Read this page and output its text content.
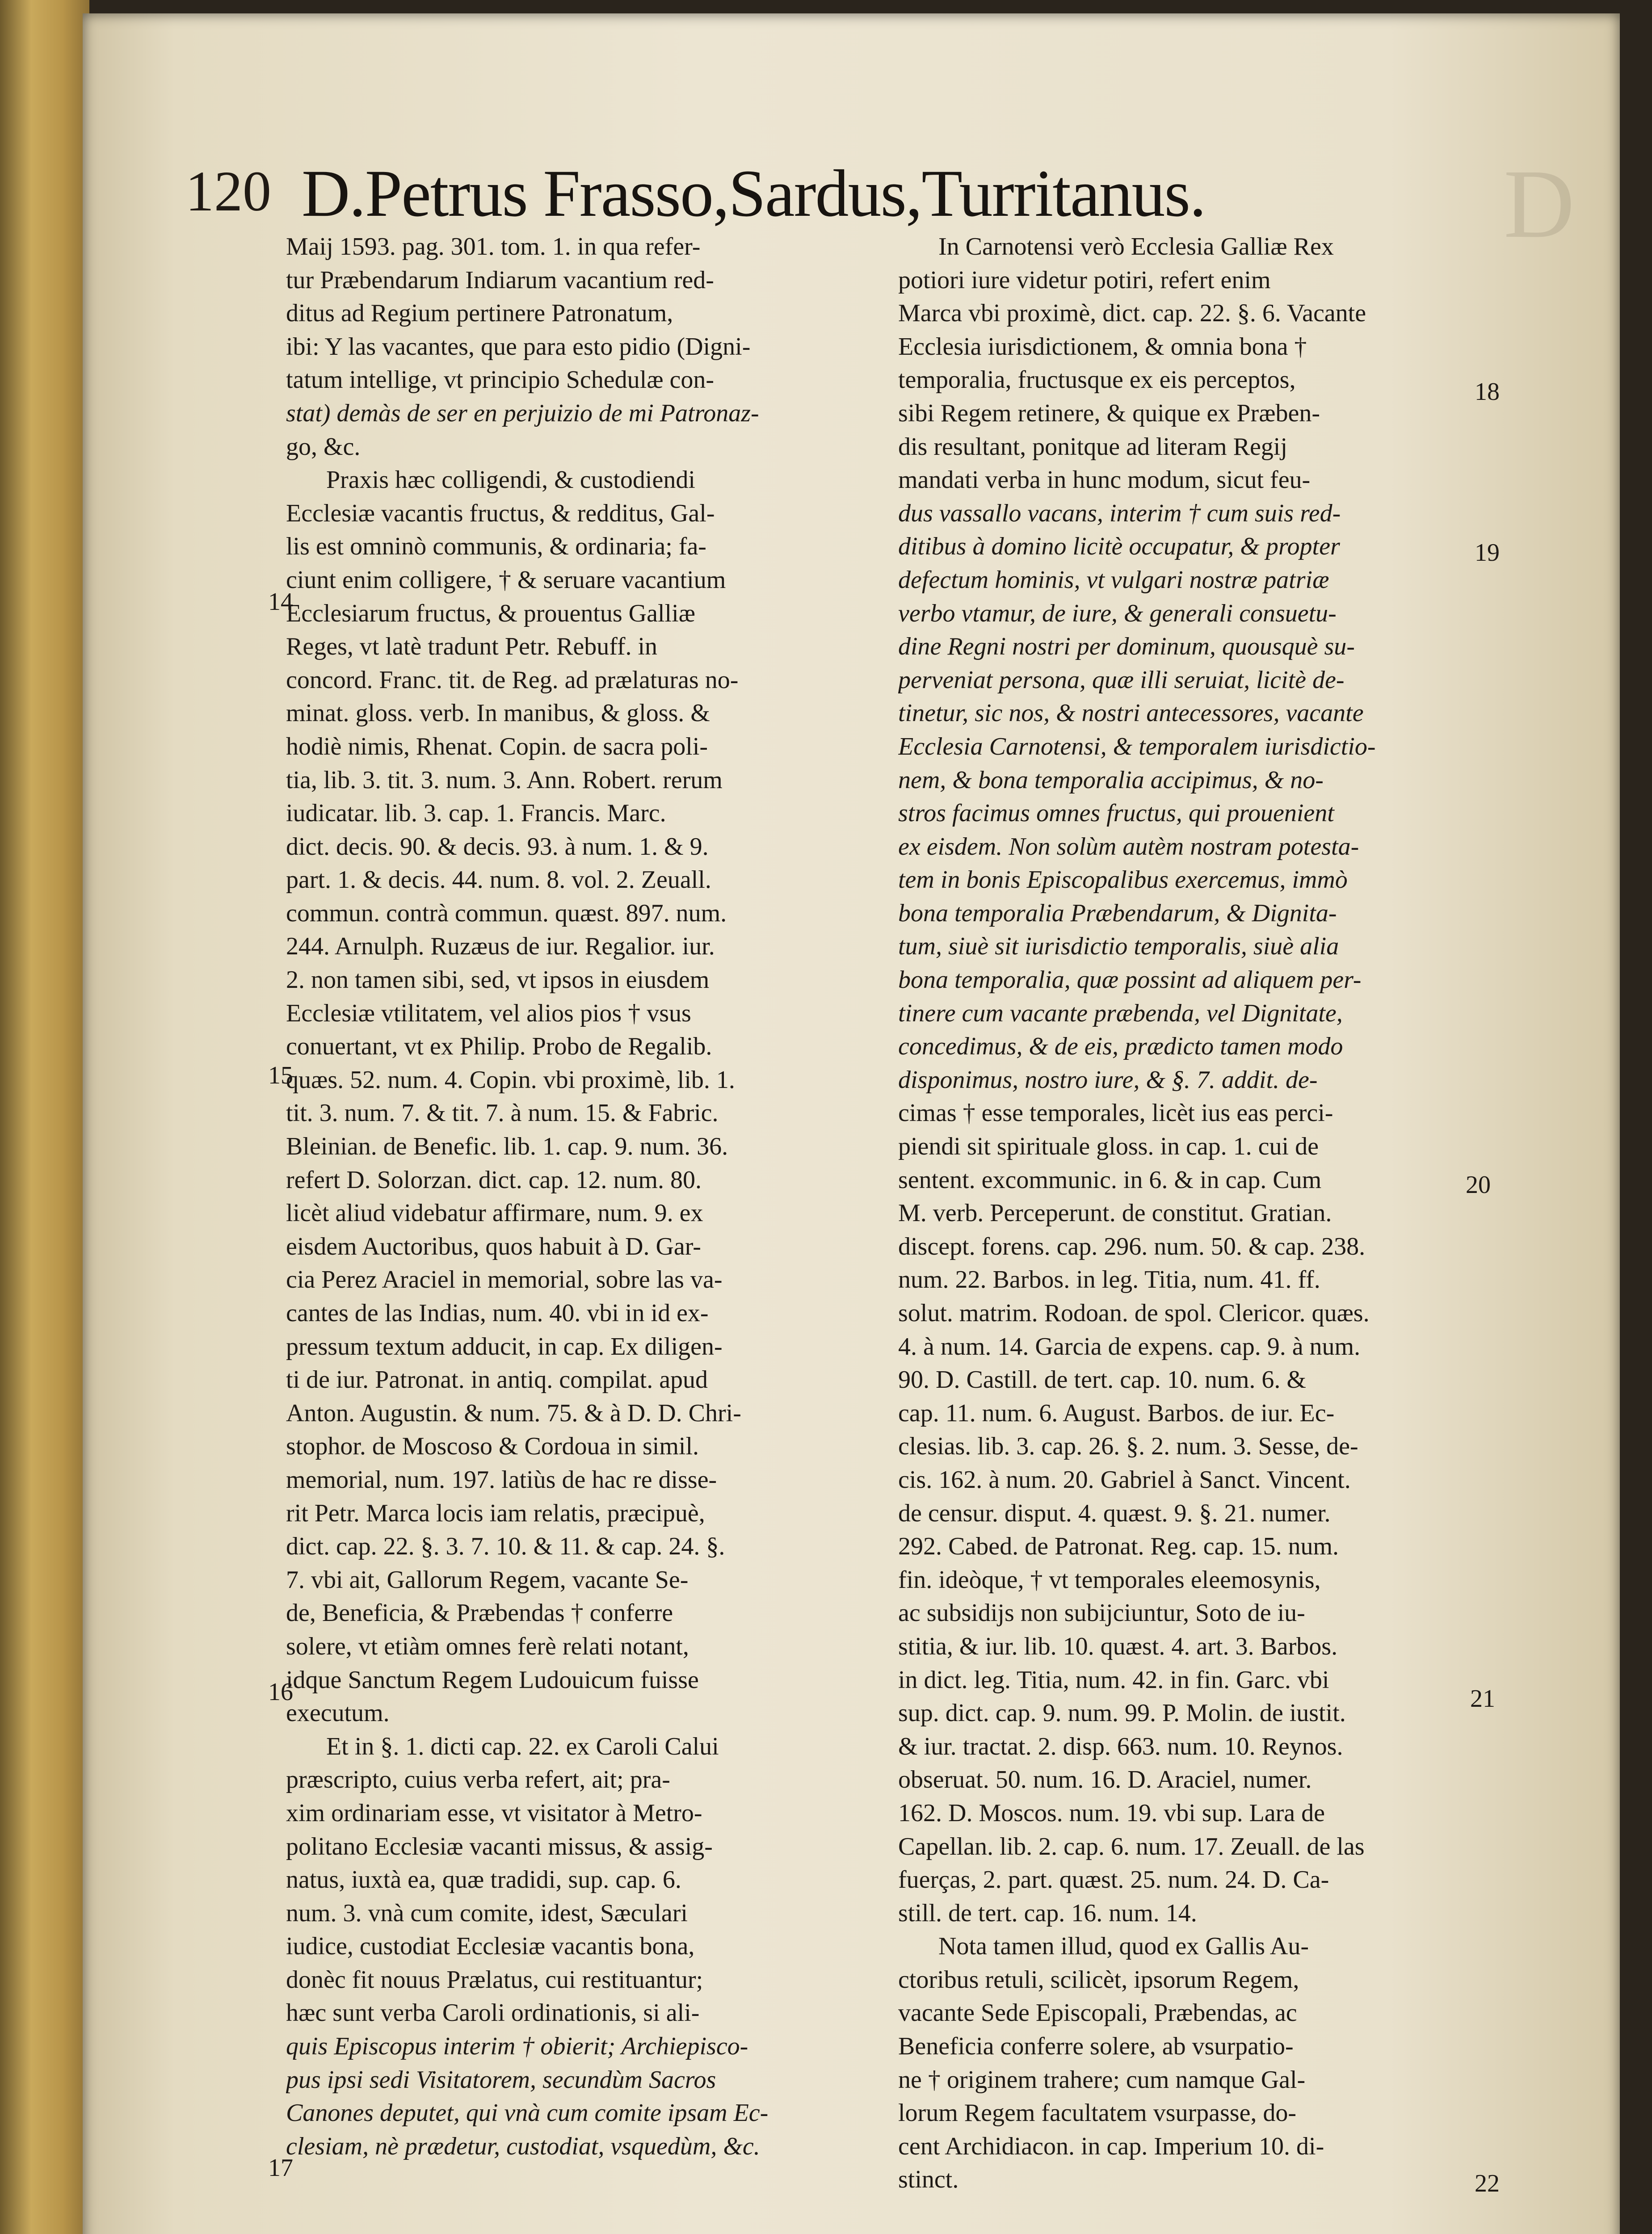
D
120 D.Petrus Frasso,Sardus,Turritanus.
Maij 1593. pag. 301. tom. 1. in qua refer-
tur Præbendarum Indiarum vacantium red-
ditus ad Regium pertinere Patronatum,
ibi: Y las vacantes, que para esto pidio (Digni-
tatum intellige, vt principio Schedulæ con-
stat) demàs de ser en perjuizio de mi Patronaz-
go, &c.
Praxis hæc colligendi, & custodiendi
Ecclesiæ vacantis fructus, & redditus, Gal-
lis est omninò communis, & ordinaria; fa-
ciunt enim colligere, † & seruare vacantium
Ecclesiarum fructus, & prouentus Galliæ
Reges, vt latè tradunt Petr. Rebuff. in
concord. Franc. tit. de Reg. ad prælaturas no-
minat. gloss. verb. In manibus, & gloss. &
hodiè nimis, Rhenat. Copin. de sacra poli-
tia, lib. 3. tit. 3. num. 3. Ann. Robert. rerum
iudicatar. lib. 3. cap. 1. Francis. Marc.
dict. decis. 90. & decis. 93. à num. 1. & 9.
part. 1. & decis. 44. num. 8. vol. 2. Zeuall.
commun. contrà commun. quæst. 897. num.
244. Arnulph. Ruzæus de iur. Regalior. iur.
2. non tamen sibi, sed, vt ipsos in eiusdem
Ecclesiæ vtilitatem, vel alios pios † vsus
conuertant, vt ex Philip. Probo de Regalib.
quæs. 52. num. 4. Copin. vbi proximè, lib. 1.
tit. 3. num. 7. & tit. 7. à num. 15. & Fabric.
Bleinian. de Benefic. lib. 1. cap. 9. num. 36.
refert D. Solorzan. dict. cap. 12. num. 80.
licèt aliud videbatur affirmare, num. 9. ex
eisdem Auctoribus, quos habuit à D. Gar-
cia Perez Araciel in memorial, sobre las va-
cantes de las Indias, num. 40. vbi in id ex-
pressum textum adducit, in cap. Ex diligen-
ti de iur. Patronat. in antiq. compilat. apud
Anton. Augustin. & num. 75. & à D. D. Chri-
stophor. de Moscoso & Cordoua in simil.
memorial, num. 197. latiùs de hac re disse-
rit Petr. Marca locis iam relatis, præcipuè,
dict. cap. 22. §. 3. 7. 10. & 11. & cap. 24. §.
7. vbi ait, Gallorum Regem, vacante Se-
de, Beneficia, & Præbendas † conferre
solere, vt etiàm omnes ferè relati notant,
idque Sanctum Regem Ludouicum fuisse
executum.
Et in §. 1. dicti cap. 22. ex Caroli Calui
præscripto, cuius verba refert, ait; pra-
xim ordinariam esse, vt visitator à Metro-
politano Ecclesiæ vacanti missus, & assig-
natus, iuxtà ea, quæ tradidi, sup. cap. 6.
num. 3. vnà cum comite, idest, Sæculari
iudice, custodiat Ecclesiæ vacantis bona,
donèc fit nouus Prælatus, cui restituantur;
hæc sunt verba Caroli ordinationis, si ali-
quis Episcopus interim † obierit; Archiepisco-
pus ipsi sedi Visitatorem, secundùm Sacros
Canones deputet, qui vnà cum comite ipsam Ec-
clesiam, nè prædetur, custodiat, vsquedùm, &c.
In Carnotensi verò Ecclesia Galliæ Rex
potiori iure videtur potiri, refert enim
Marca vbi proximè, dict. cap. 22. §. 6. Vacante
Ecclesia iurisdictionem, & omnia bona †
temporalia, fructusque ex eis perceptos,
sibi Regem retinere, & quique ex Præben-
dis resultant, ponitque ad literam Regij
mandati verba in hunc modum, sicut feu-
dus vassallo vacans, interim † cum suis red-
ditibus à domino licitè occupatur, & propter
defectum hominis, vt vulgari nostræ patriæ
verbo vtamur, de iure, & generali consuetu-
dine Regni nostri per dominum, quousquè su-
perveniat persona, quæ illi seruiat, licitè de-
tinetur, sic nos, & nostri antecessores, vacante
Ecclesia Carnotensi, & temporalem iurisdictio-
nem, & bona temporalia accipimus, & no-
stros facimus omnes fructus, qui prouenient
ex eisdem. Non solùm autèm nostram potesta-
tem in bonis Episcopalibus exercemus, immò
bona temporalia Præbendarum, & Dignita-
tum, siuè sit iurisdictio temporalis, siuè alia
bona temporalia, quæ possint ad aliquem per-
tinere cum vacante præbenda, vel Dignitate,
concedimus, & de eis, prædicto tamen modo
disponimus, nostro iure, & §. 7. addit. de-
cimas † esse temporales, licèt ius eas perci-
piendi sit spirituale gloss. in cap. 1. cui de
sentent. excommunic. in 6. & in cap. Cum
M. verb. Perceperunt. de constitut. Gratian.
discept. forens. cap. 296. num. 50. & cap. 238.
num. 22. Barbos. in leg. Titia, num. 41. ff.
solut. matrim. Rodoan. de spol. Clericor. quæs.
4. à num. 14. Garcia de expens. cap. 9. à num.
90. D. Castill. de tert. cap. 10. num. 6. &
cap. 11. num. 6. August. Barbos. de iur. Ec-
clesias. lib. 3. cap. 26. §. 2. num. 3. Sesse, de-
cis. 162. à num. 20. Gabriel à Sanct. Vincent.
de censur. disput. 4. quæst. 9. §. 21. numer.
292. Cabed. de Patronat. Reg. cap. 15. num.
fin. ideòque, † vt temporales eleemosynis,
ac subsidijs non subijciuntur, Soto de iu-
stitia, & iur. lib. 10. quæst. 4. art. 3. Barbos.
in dict. leg. Titia, num. 42. in fin. Garc. vbi
sup. dict. cap. 9. num. 99. P. Molin. de iustit.
& iur. tractat. 2. disp. 663. num. 10. Reynos.
obseruat. 50. num. 16. D. Araciel, numer.
162. D. Moscos. num. 19. vbi sup. Lara de
Capellan. lib. 2. cap. 6. num. 17. Zeuall. de las
fuerças, 2. part. quæst. 25. num. 24. D. Ca-
still. de tert. cap. 16. num. 14.
Nota tamen illud, quod ex Gallis Au-
ctoribus retuli, scilicèt, ipsorum Regem,
vacante Sede Episcopali, Præbendas, ac
Beneficia conferre solere, ab vsurpatio-
ne † originem trahere; cum namque Gal-
lorum Regem facultatem vsurpasse, do-
cent Archidiacon. in cap. Imperium 10. di-
stinct.
14
15
16
17
18
19
20
21
22
